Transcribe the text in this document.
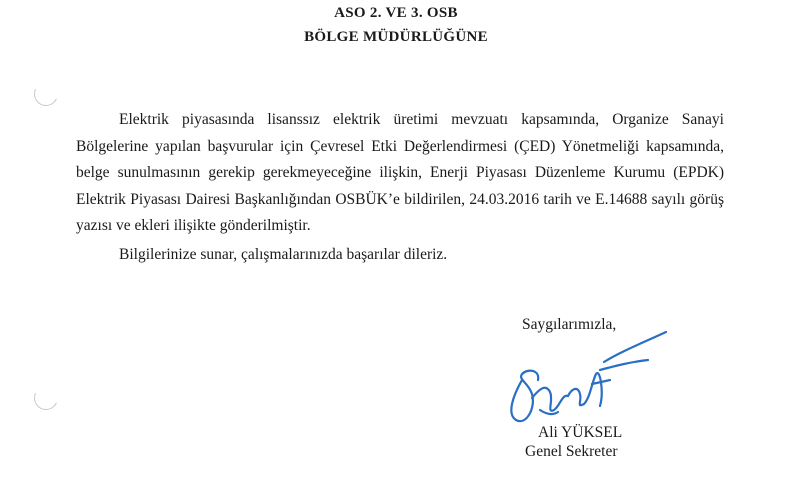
ASO 2. VE 3. OSB
BÖLGE MÜDÜRLÜĞÜNE

Elektrik piyasasında lisanssız elektrik üretimi mevzuatı kapsamında, Organize Sanayi Bölgelerine yapılan başvurular için Çevresel Etki Değerlendirmesi (ÇED) Yönetmeliği kapsamında, belge sunulmasının gerekip gerekmeyeceğine ilişkin, Enerji Piyasası Düzenleme Kurumu (EPDK) Elektrik Piyasası Dairesi Başkanlığından OSBÜK’e bildirilen, 24.03.2016 tarih ve E.14688 sayılı görüş yazısı ve ekleri ilişikte gönderilmiştir.

Bilgilerinize sunar, çalışmalarınızda başarılar dileriz.

Saygılarımızla,
Ali YÜKSEL
Genel Sekreter
